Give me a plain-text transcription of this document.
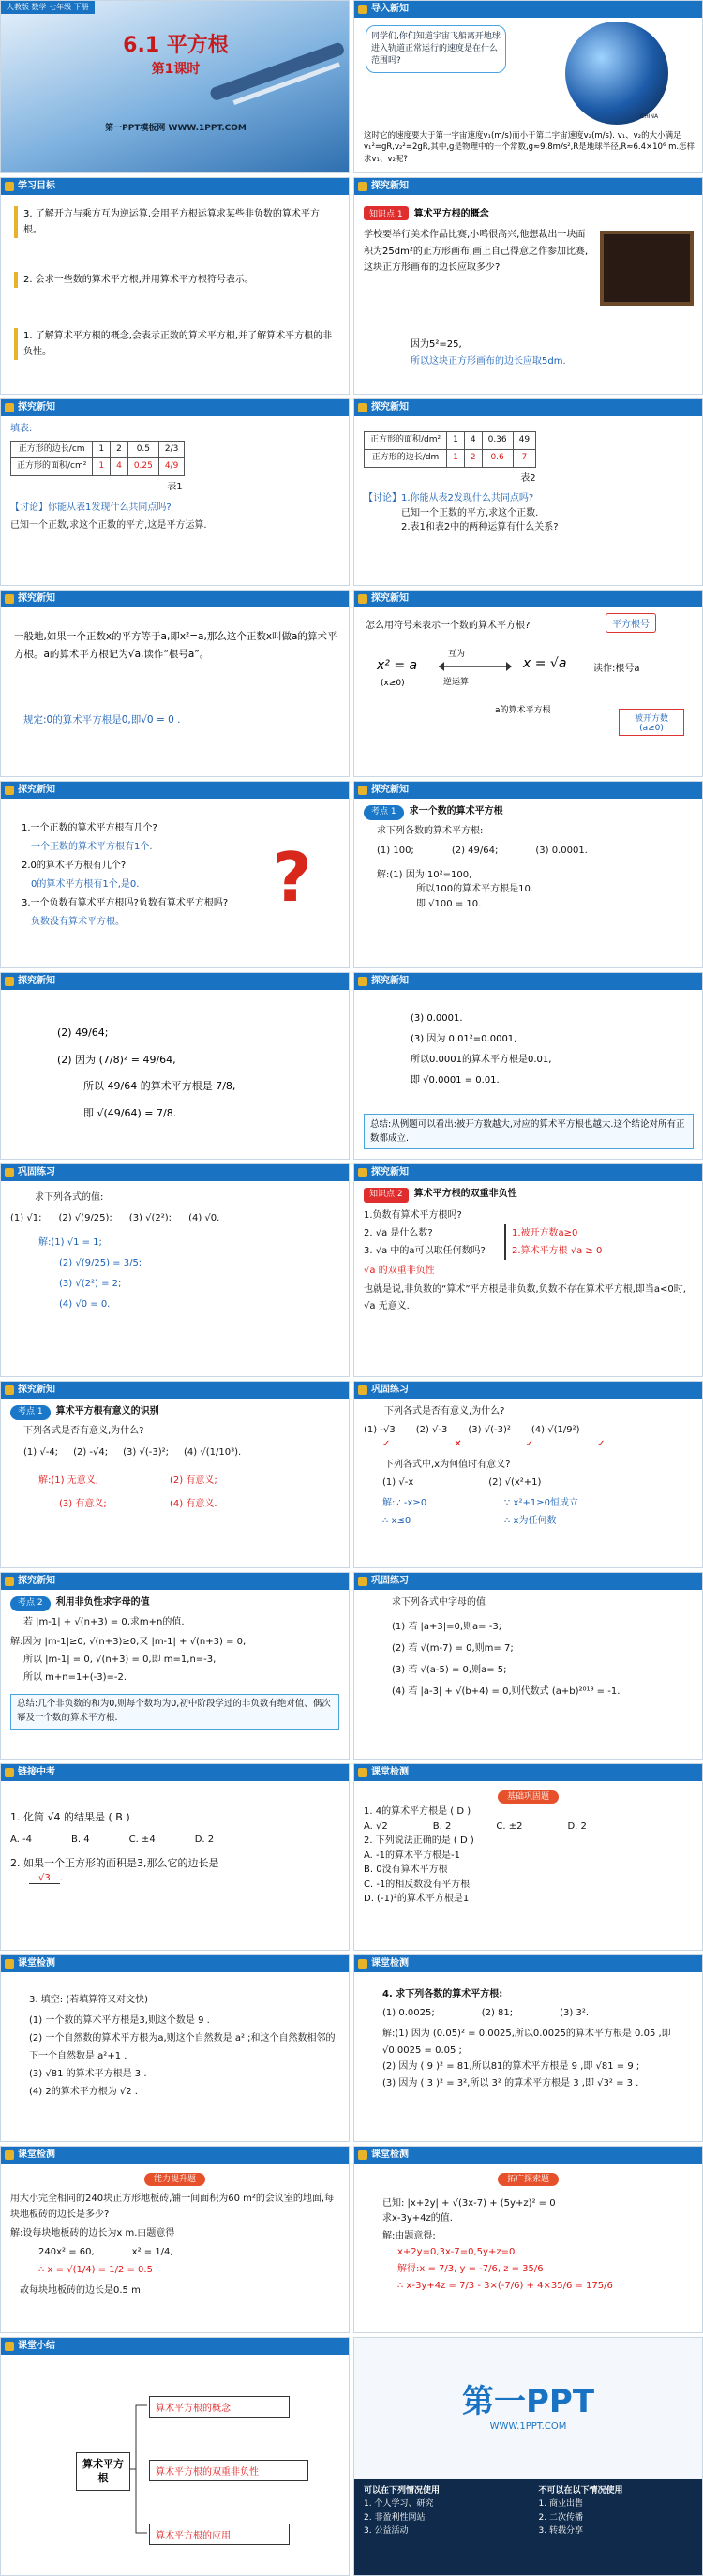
人教版 数学 七年级 下册
6.1 平方根
第1课时
第一PPT模板网 WWW.1PPT.COM
导入新知
同学们,你们知道宇宙飞船离开地球进入轨道正常运行的速度是在什么范围吗?
CHINA
这时它的速度要大于第一宇宙速度v₁(m/s)而小于第二宇宙速度v₂(m/s). v₁、v₂的大小满足v₁²=gR,v₂²=2gR,其中,g是物理中的一个常数,g≈9.8m/s²,R是地球半径,R≈6.4×10⁶ m.怎样求v₁、v₂呢?
学习目标
3. 了解开方与乘方互为逆运算,会用平方根运算求某些非负数的算术平方根。
2. 会求一些数的算术平方根,并用算术平方根符号表示。
1. 了解算术平方根的概念,会表示正数的算术平方根,并了解算术平方根的非负性。
探究新知
知识点 1 算术平方根的概念
学校要举行美术作品比赛,小鸣很高兴,他想裁出一块面积为25dm²的正方形画布,画上自己得意之作参加比赛,这块正方形画布的边长应取多少?
因为5²=25,
所以这块正方形画布的边长应取5dm.
探究新知
填表:
正方形的边长/cm	1	2	0.5	2/3
正方形的面积/cm²	1	4	0.25	4/9
表1
【讨论】你能从表1发现什么共同点吗?
已知一个正数,求这个正数的平方,这是平方运算.
探究新知
正方形的面积/dm²	1	4	0.36	49
正方形的边长/dm	1	2	0.6	7
表2
【讨论】1.你能从表2发现什么共同点吗?
已知一个正数的平方,求这个正数.
2.表1和表2中的两种运算有什么关系?
探究新知
一般地,如果一个正数x的平方等于a,即x²=a,那么这个正数x叫做a的算术平方根。a的算术平方根记为√a,读作“根号a”。
规定:0的算术平方根是0,即√0 = 0 .
探究新知
怎么用符号来表示一个数的算术平方根?	平方根号
x² = a
(x≥0)
互为
逆运算
x = √a	读作:根号a
a的算术平方根
被开方数
(a≥0)
探究新知
1.一个正数的算术平方根有几个?
一个正数的算术平方根有1个.
2.0的算术平方根有几个?
0的算术平方根有1个,是0.
3.一个负数有算术平方根吗?负数有算术平方根吗?
负数没有算术平方根。
?
探究新知
考点 1 求一个数的算术平方根
求下列各数的算术平方根:
(1) 100;	(2) 49/64;	(3) 0.0001.
解:(1) 因为 10²=100,
所以100的算术平方根是10.
即 √100 = 10.
探究新知
(2) 49/64;
(2) 因为 (7/8)² = 49/64,
所以 49/64 的算术平方根是 7/8,
即 √(49/64) = 7/8.
探究新知
(3) 0.0001.
(3) 因为 0.01²=0.0001,
所以0.0001的算术平方根是0.01,
即 √0.0001 = 0.01.
总结:从例题可以看出:被开方数越大,对应的算术平方根也越大.这个结论对所有正数都成立.
巩固练习
求下列各式的值:
(1) √1; (2) √(9/25); (3) √(2²); (4) √0.
解:(1) √1 = 1;
(2) √(9/25) = 3/5;
(3) √(2²) = 2;
(4) √0 = 0.
探究新知
知识点 2 算术平方根的双重非负性
1.负数有算术平方根吗?
2. √a 是什么数?
3. √a 中的a可以取任何数吗?
1.被开方数a≥0
2.算术平方根 √a ≥ 0
√a 的双重非负性
也就是说,非负数的“算术”平方根是非负数,负数不存在算术平方根,即当a<0时, √a 无意义.
探究新知
考点 1 算术平方根有意义的识别
下列各式是否有意义,为什么?
(1) √-4; (2) -√4; (3) √(-3)²; (4) √(1/10³).
解:(1) 无意义;	(2) 有意义;
(3) 有意义;	(4) 有意义.
巩固练习
下列各式是否有意义,为什么?
(1) -√3 (2) √-3 (3) √(-3)² (4) √(1/9²)
✓	✕	✓	✓
下列各式中,x为何值时有意义?
(1) √-x	(2) √(x²+1)
解:∵ -x≥0	∵ x²+1≥0恒成立
∴ x≤0	∴ x为任何数
探究新知
考点 2 利用非负性求字母的值
若 |m-1| + √(n+3) = 0,求m+n的值.
解:因为 |m-1|≥0, √(n+3)≥0,又 |m-1| + √(n+3) = 0,
所以 |m-1| = 0, √(n+3) = 0,即 m=1,n=-3,
所以 m+n=1+(-3)=-2.
总结:几个非负数的和为0,则每个数均为0,初中阶段学过的非负数有绝对值、偶次幂及一个数的算术平方根.
巩固练习
求下列各式中字母的值
(1) 若 |a+3|=0,则a= -3;
(2) 若 √(m-7) = 0,则m= 7;
(3) 若 √(a-5) = 0,则a= 5;
(4) 若 |a-3| + √(b+4) = 0,则代数式 (a+b)²⁰¹⁹ = -1.
链接中考
1. 化简 √4 的结果是 ( B )
A. -4	B. 4	C. ±4	D. 2
2. 如果一个正方形的面积是3,那么它的边长是
√3 .
课堂检测
基础巩固题
1. 4的算术平方根是 ( D )
A. √2	B. 2	C. ±2	D. 2
2. 下列说法正确的是 ( D )
A. -1的算术平方根是-1
B. 0没有算术平方根
C. -1的相反数没有平方根
D. (-1)²的算术平方根是1
课堂检测
3. 填空: (若填算符又对文快)
(1) 一个数的算术平方根是3,则这个数是 9 .
(2) 一个自然数的算术平方根为a,则这个自然数是 a² ;和这个自然数相邻的下一个自然数是 a²+1 .
(3) √81 的算术平方根是 3 .
(4) 2的算术平方根为 √2 .
课堂检测
4. 求下列各数的算术平方根:
(1) 0.0025;	(2) 81;	(3) 3².
解:(1) 因为 (0.05)² = 0.0025,所以0.0025的算术平方根是 0.05 ,即 √0.0025 = 0.05 ;
(2) 因为 ( 9 )² = 81,所以81的算术平方根是 9 ,即 √81 = 9 ;
(3) 因为 ( 3 )² = 3²,所以 3² 的算术平方根是 3 ,即 √3² = 3 .
课堂检测
能力提升题
用大小完全相同的240块正方形地板砖,铺一间面积为60 m²的会议室的地面,每块地板砖的边长是多少?
解:设每块地板砖的边长为x m.由题意得
240x² = 60,	x² = 1/4,
∴ x = √(1/4) = 1/2 = 0.5
故每块地板砖的边长是0.5 m.
课堂检测
拓广探索题
已知: |x+2y| + √(3x-7) + (5y+z)² = 0
求x-3y+4z的值.
解:由题意得:
x+2y=0,3x-7=0,5y+z=0
解得:x = 7/3, y = -7/6, z = 35/6
∴ x-3y+4z = 7/3 - 3×(-7/6) + 4×35/6 = 175/6
课堂小结
算术平方根
算术平方根的概念
算术平方根的双重非负性
算术平方根的应用
第一PPT
WWW.1PPT.COM
可以在下列情况使用
1. 个人学习、研究
2. 非盈利性网站
3. 公益活动
不可以在以下情况使用
1. 商业出售
2. 二次传播
3. 转载分享
